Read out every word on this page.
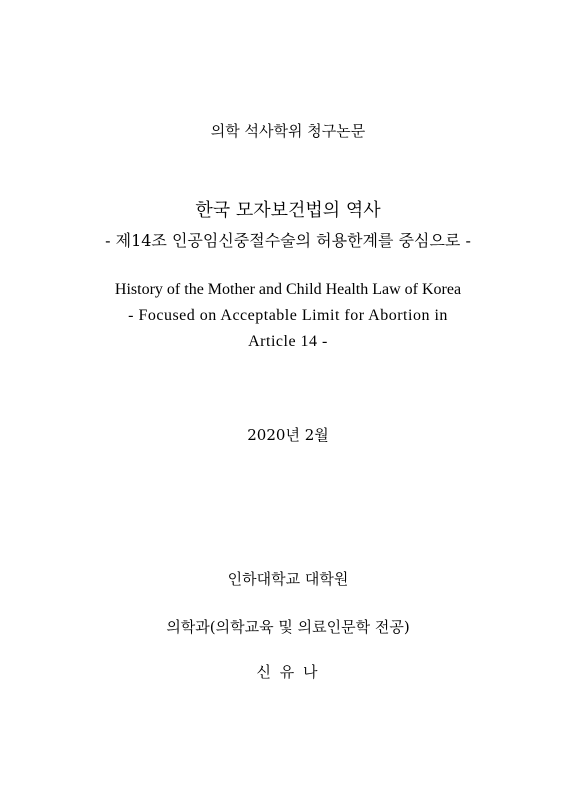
의학 석사학위 청구논문
한국 모자보건법의 역사
- 제14조 인공임신중절수술의 허용한계를 중심으로 -
History of the Mother and Child Health Law of Korea
- Focused on Acceptable Limit for Abortion in
Article 14 -
2020년 2월
인하대학교 대학원
의학과(의학교육 및 의료인문학 전공)
신 유 나
